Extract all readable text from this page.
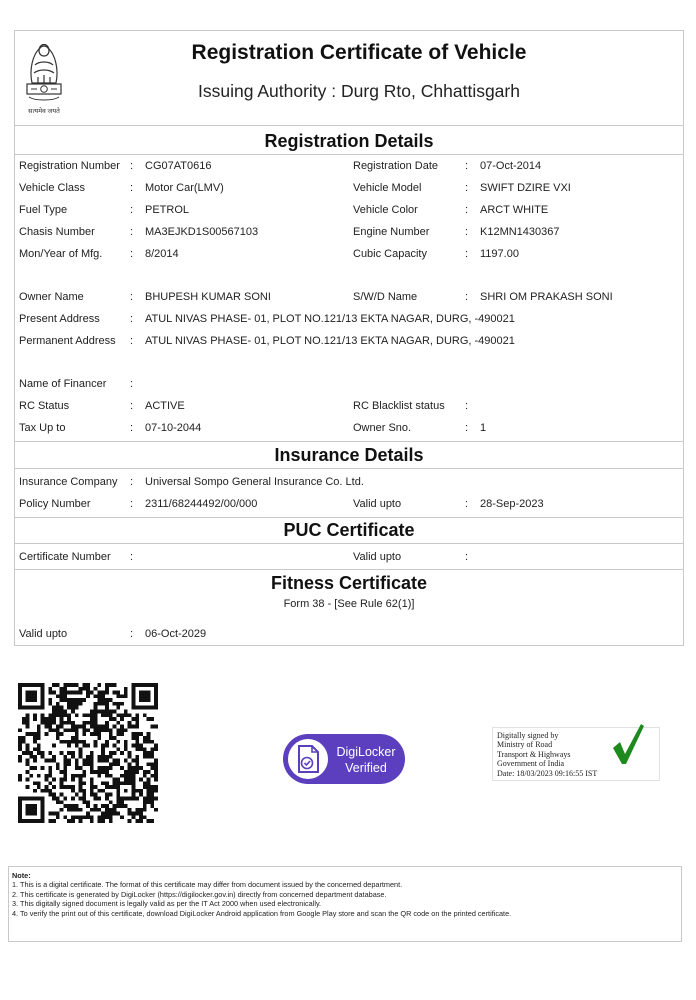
सत्यमेव जयते
Registration Certificate of Vehicle
Issuing Authority : Durg Rto, Chhattisgarh
Registration Details
Registration Number : CG07AT0616	Registration Date : 07-Oct-2014
Vehicle Class	: Motor Car(LMV)	Vehicle Model	: SWIFT DZIRE VXI
Fuel Type	: PETROL	Vehicle Color	: ARCT WHITE
Chasis Number	: MA3EJKD1S00567103	Engine Number	: K12MN1430367
Mon/Year of Mfg.	: 8/2014	Cubic Capacity	: 1197.00
Owner Name	: BHUPESH KUMAR SONI	S/W/D Name	: SHRI OM PRAKASH SONI
Present Address	: ATUL NIVAS PHASE- 01, PLOT NO.121/13 EKTA NAGAR, DURG, -490021
Permanent Address : ATUL NIVAS PHASE- 01, PLOT NO.121/13 EKTA NAGAR, DURG, -490021
Name of Financer :
RC Status	: ACTIVE	RC Blacklist status :
Tax Up to	: 07-10-2044	Owner Sno.	: 1
Insurance Details
Insurance Company : Universal Sompo General Insurance Co. Ltd.
Policy Number	: 2311/68244492/00/000	Valid upto	: 28-Sep-2023
PUC Certificate
Certificate Number :	Valid upto	:
Fitness Certificate
Form 38 - [See Rule 62(1)]
Valid upto	: 06-Oct-2029
DigiLocker
Verified
Digitally signed by
Ministry of Road
Transport & Highways
Government of India
Date: 18/03/2023 09:16:55 IST
Note:
1. This is a digital certificate. The format of this certificate may differ from document issued by the concerned department.
2. This certificate is generated by DigiLocker (https://digilocker.gov.in) directly from concerned department database.
3. This digitally signed document is legally valid as per the IT Act 2000 when used electronically.
4. To verify the print out of this certificate, download DigiLocker Android application from Google Play store and scan the QR code on the printed certificate.
